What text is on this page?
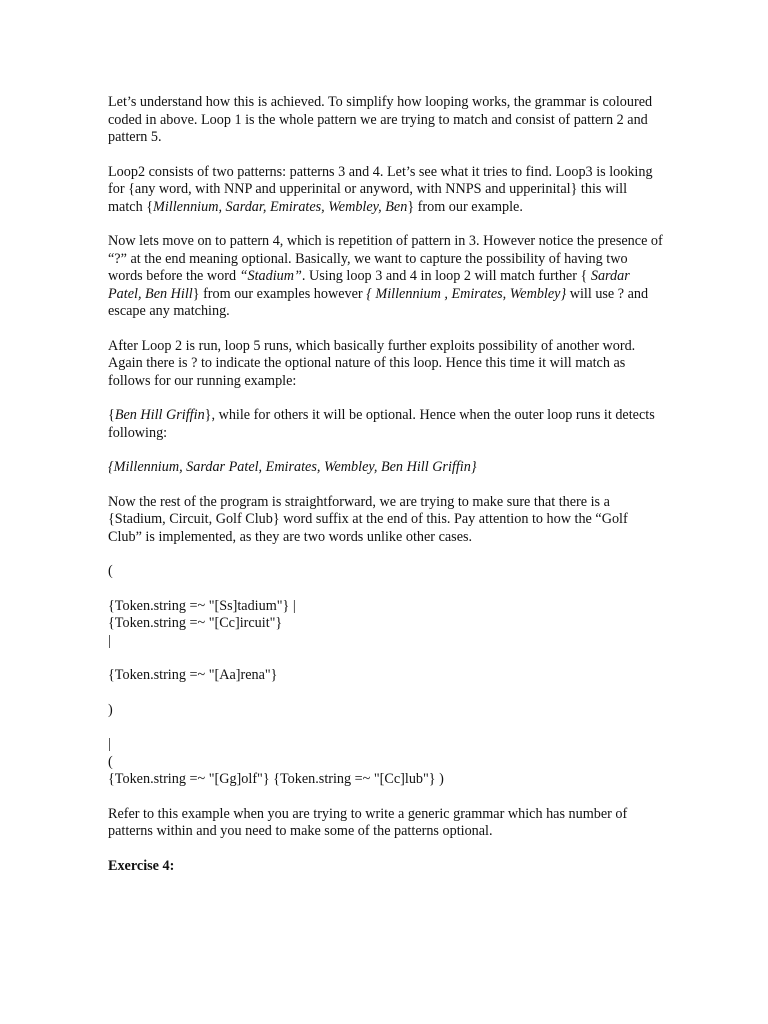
Let’s understand how this is achieved. To simplify how looping works, the grammar is coloured coded in above. Loop 1 is the whole pattern we are trying to match and consist of pattern 2 and pattern 5.

Loop2 consists of two patterns: patterns 3 and 4. Let’s see what it tries to find. Loop3 is looking for {any word, with NNP and upperinital or anyword, with NNPS and upperinital} this will match {Millennium, Sardar, Emirates, Wembley, Ben} from our example.

Now lets move on to pattern 4, which is repetition of pattern in 3. However notice the presence of “?” at the end meaning optional. Basically, we want to capture the possibility of having two words before the word “Stadium”. Using loop 3 and 4 in loop 2 will match further { Sardar Patel, Ben Hill} from our examples however { Millennium , Emirates, Wembley} will use ? and escape any matching.

After Loop 2 is run, loop 5 runs, which basically further exploits possibility of another word. Again there is ? to indicate the optional nature of this loop. Hence this time it will match as follows for our running example:

{Ben Hill Griffin}, while for others it will be optional. Hence when the outer loop runs it detects following:

{Millennium, Sardar Patel, Emirates, Wembley, Ben Hill Griffin}

Now the rest of the program is straightforward, we are trying to make sure that there is a {Stadium, Circuit, Golf Club} word suffix at the end of this. Pay attention to how the “Golf Club” is implemented, as they are two words unlike other cases.

(
{Token.string =~ "[Ss]tadium"} |
{Token.string =~ "[Cc]ircuit"}
|
{Token.string =~ "[Aa]rena"}
)
|
(
{Token.string =~ "[Gg]olf"} {Token.string =~ "[Cc]lub"} )

Refer to this example when you are trying to write a generic grammar which has number of patterns within and you need to make some of the patterns optional.

Exercise 4:
